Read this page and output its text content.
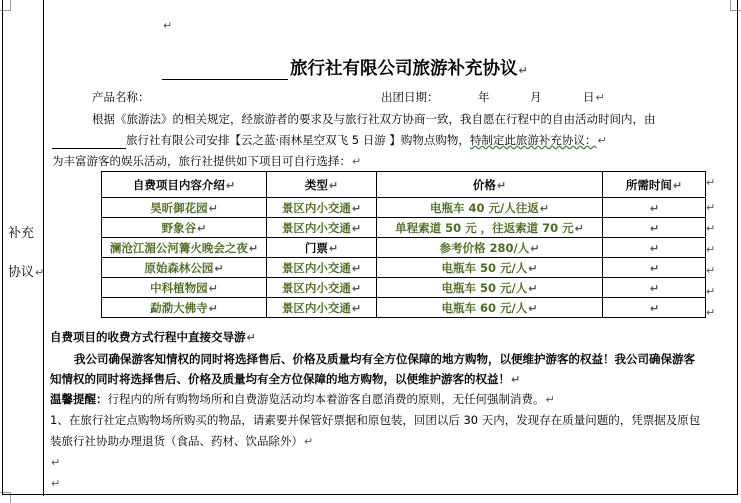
↵
补充
协议↵
旅行社有限公司旅游补充协议↵
产品名称：	出团日期：	年	月	日↵
根据《旅游法》的相关规定，经旅游者的要求及与旅行社双方协商一致，我自愿在行程中的自由活动时间内，由
旅行社有限公司安排【云之蓝·雨林星空双飞 5 日游 】购物点购物，特制定此旅游补充协议：↵
为丰富游客的娱乐活动，旅行社提供如下项目可自行选择：↵
自费项目内容介绍↵	类型↵	价格↵	所需时间↵
昊昕御花园↵	景区内小交通↵	电瓶车 40 元/人往返↵	↵
野象谷↵	景区内小交通↵	单程索道 50 元 ，往返索道 70 元↵	↵
澜沧江湄公河篝火晚会之夜↵	门票↵	参考价格 280/人↵	↵
原始森林公园↵	景区内小交通↵	电瓶车 50 元/人↵	↵
中科植物园↵	景区内小交通↵	电瓶车 50 元/人↵	↵
勐泐大佛寺↵	景区内小交通↵	电瓶车 60 元/人↵	↵
↵
↵
↵
↵
↵
↵
↵
自费项目的收费方式行程中直接交导游↵
我公司确保游客知情权的同时将选择售后、价格及质量均有全方位保障的地方购物，以便维护游客的权益！我公司确保游客
知情权的同时将选择售后、价格及质量均有全方位保障的地方购物，以便维护游客的权益！↵
温馨提醒：行程内的所有购物场所和自费游览活动均本着游客自愿消费的原则，无任何强制消费。↵
1、在旅行社定点购物场所购买的物品，请素要并保管好票据和原包装，回团以后 30 天内，发现存在质量问题的，凭票据及原包
装旅行社协助办理退货（食品、药材、饮品除外）↵
↵
↵
